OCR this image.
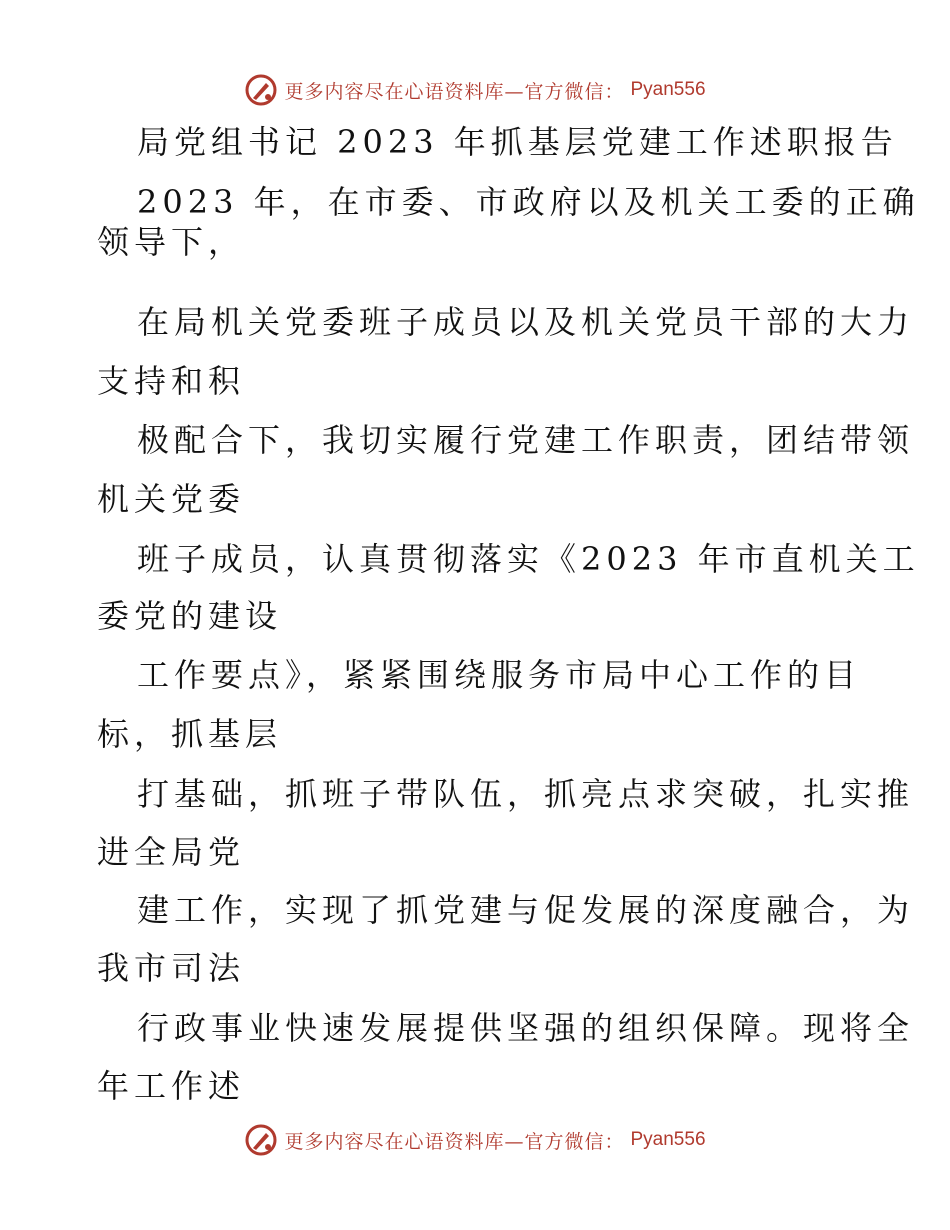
更多内容尽在心语资料库—官方微信： Pyan556
局党组书记 2023 年抓基层党建工作述职报告
2023 年，在市委、市政府以及机关工委的正确
领导下，
在局机关党委班子成员以及机关党员干部的大力
支持和积
极配合下，我切实履行党建工作职责，团结带领
机关党委
班子成员，认真贯彻落实《2023 年市直机关工
委党的建设
工作要点》，紧紧围绕服务市局中心工作的目
标，抓基层
打基础，抓班子带队伍，抓亮点求突破，扎实推
进全局党
建工作，实现了抓党建与促发展的深度融合，为
我市司法
行政事业快速发展提供坚强的组织保障。现将全
年工作述
更多内容尽在心语资料库—官方微信： Pyan556
